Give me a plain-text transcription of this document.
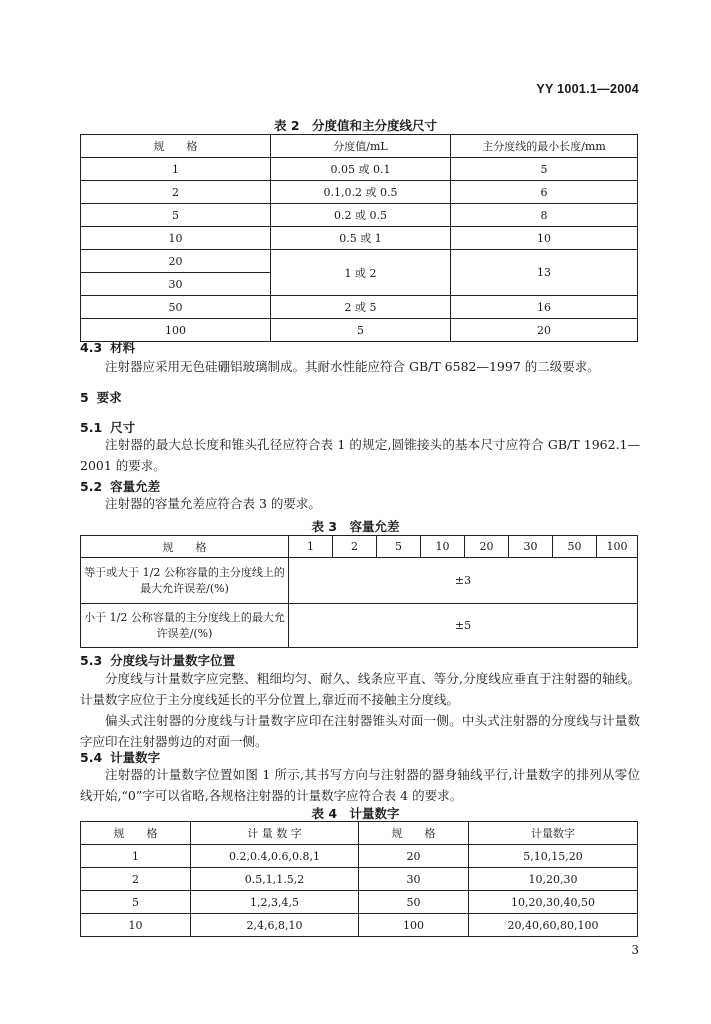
YY 1001.1—2004
表 2　分度值和主分度线尺寸
规　　格	分度值/mL	主分度线的最小长度/mm
1	0.05 或 0.1	5
2	0.1,0.2 或 0.5	6
5	0.2 或 0.5	8
10	0.5 或 1	10
20	1 或 2	13
30		
50	2 或 5	16
100	5	20
4.3 材料
注射器应采用无色硅硼铝玻璃制成。其耐水性能应符合 GB/T 6582—1997 的二级要求。
5 要求
5.1 尺寸
注射器的最大总长度和锥头孔径应符合表 1 的规定,圆锥接头的基本尺寸应符合 GB/T 1962.1—2001 的要求。
5.2 容量允差
注射器的容量允差应符合表 3 的要求。
表 3　容量允差
规　　格	1	2	5	10	20	30	50	100
等于或大于 1/2 公称容量的主分度线上的最大允许误差/(%)	±3							
小于 1/2 公称容量的主分度线上的最大允许误差/(%)	±5							
5.3 分度线与计量数字位置
分度线与计量数字应完整、粗细均匀、耐久、线条应平直、等分,分度线应垂直于注射器的轴线。计量数字应位于主分度线延长的平分位置上,靠近而不接触主分度线。
偏头式注射器的分度线与计量数字应印在注射器锥头对面一侧。中头式注射器的分度线与计量数字应印在注射器剪边的对面一侧。
5.4 计量数字
注射器的计量数字位置如图 1 所示,其书写方向与注射器的器身轴线平行,计量数字的排列从零位线开始,“0”字可以省略,各规格注射器的计量数字应符合表 4 的要求。
表 4　计量数字
规　　格	计 量 数 字	规　　格	计量数字
1	0.2,0.4,0.6,0.8,1	20	5,10,15,20
2	0.5,1,1.5,2	30	10,20,30
5	1,2,3,4,5	50	10,20,30,40,50
10	2,4,6,8,10	100	20,40,60,80,100
3
